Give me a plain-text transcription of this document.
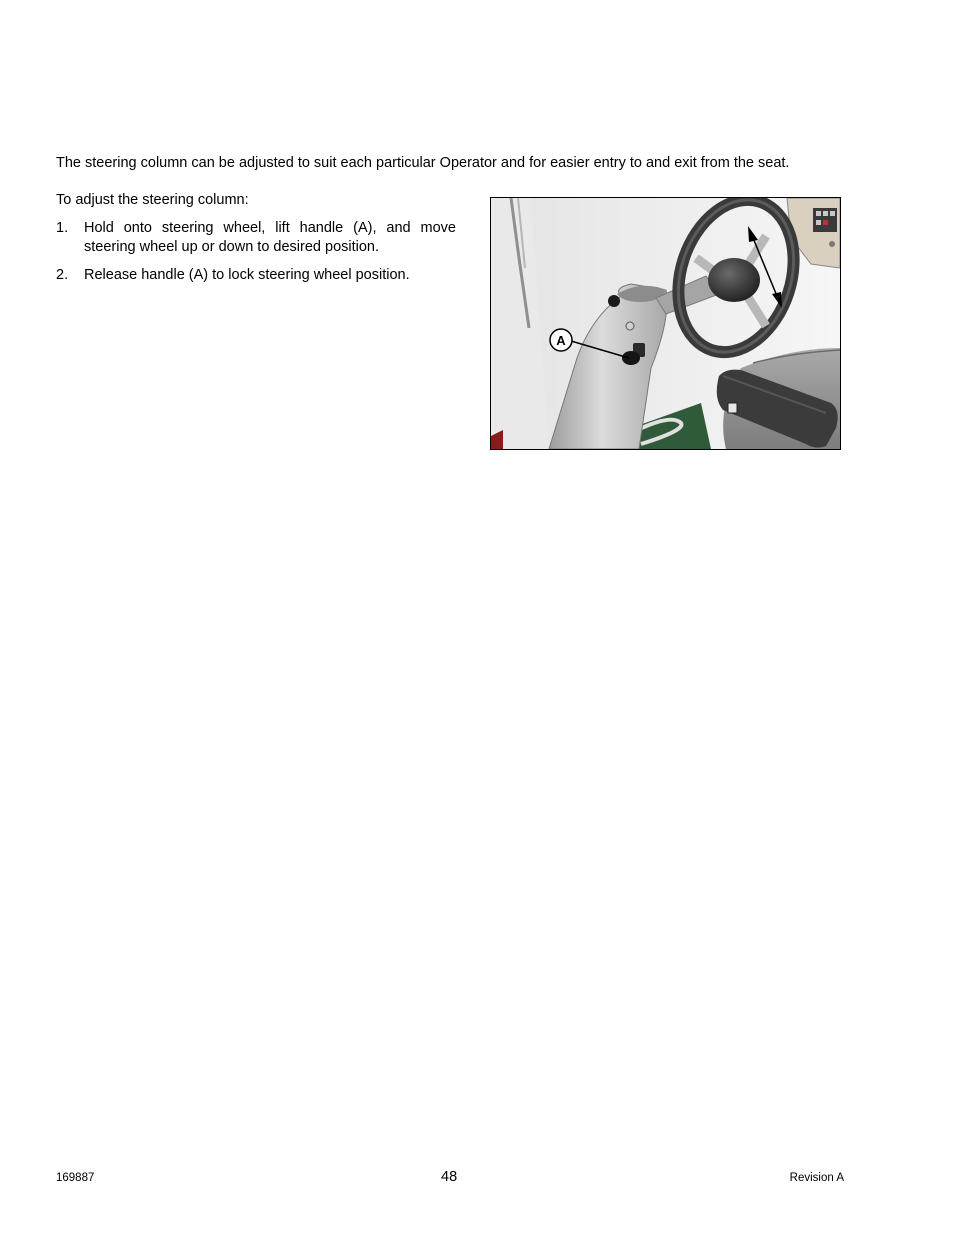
The steering column can be adjusted to suit each particular Operator and for easier entry to and exit from the seat.

To adjust the steering column:

1.	Hold onto steering wheel, lift handle (A), and move steering wheel up or down to desired position.
2.	Release handle (A) to lock steering wheel position.
A
169887	48	Revision A
